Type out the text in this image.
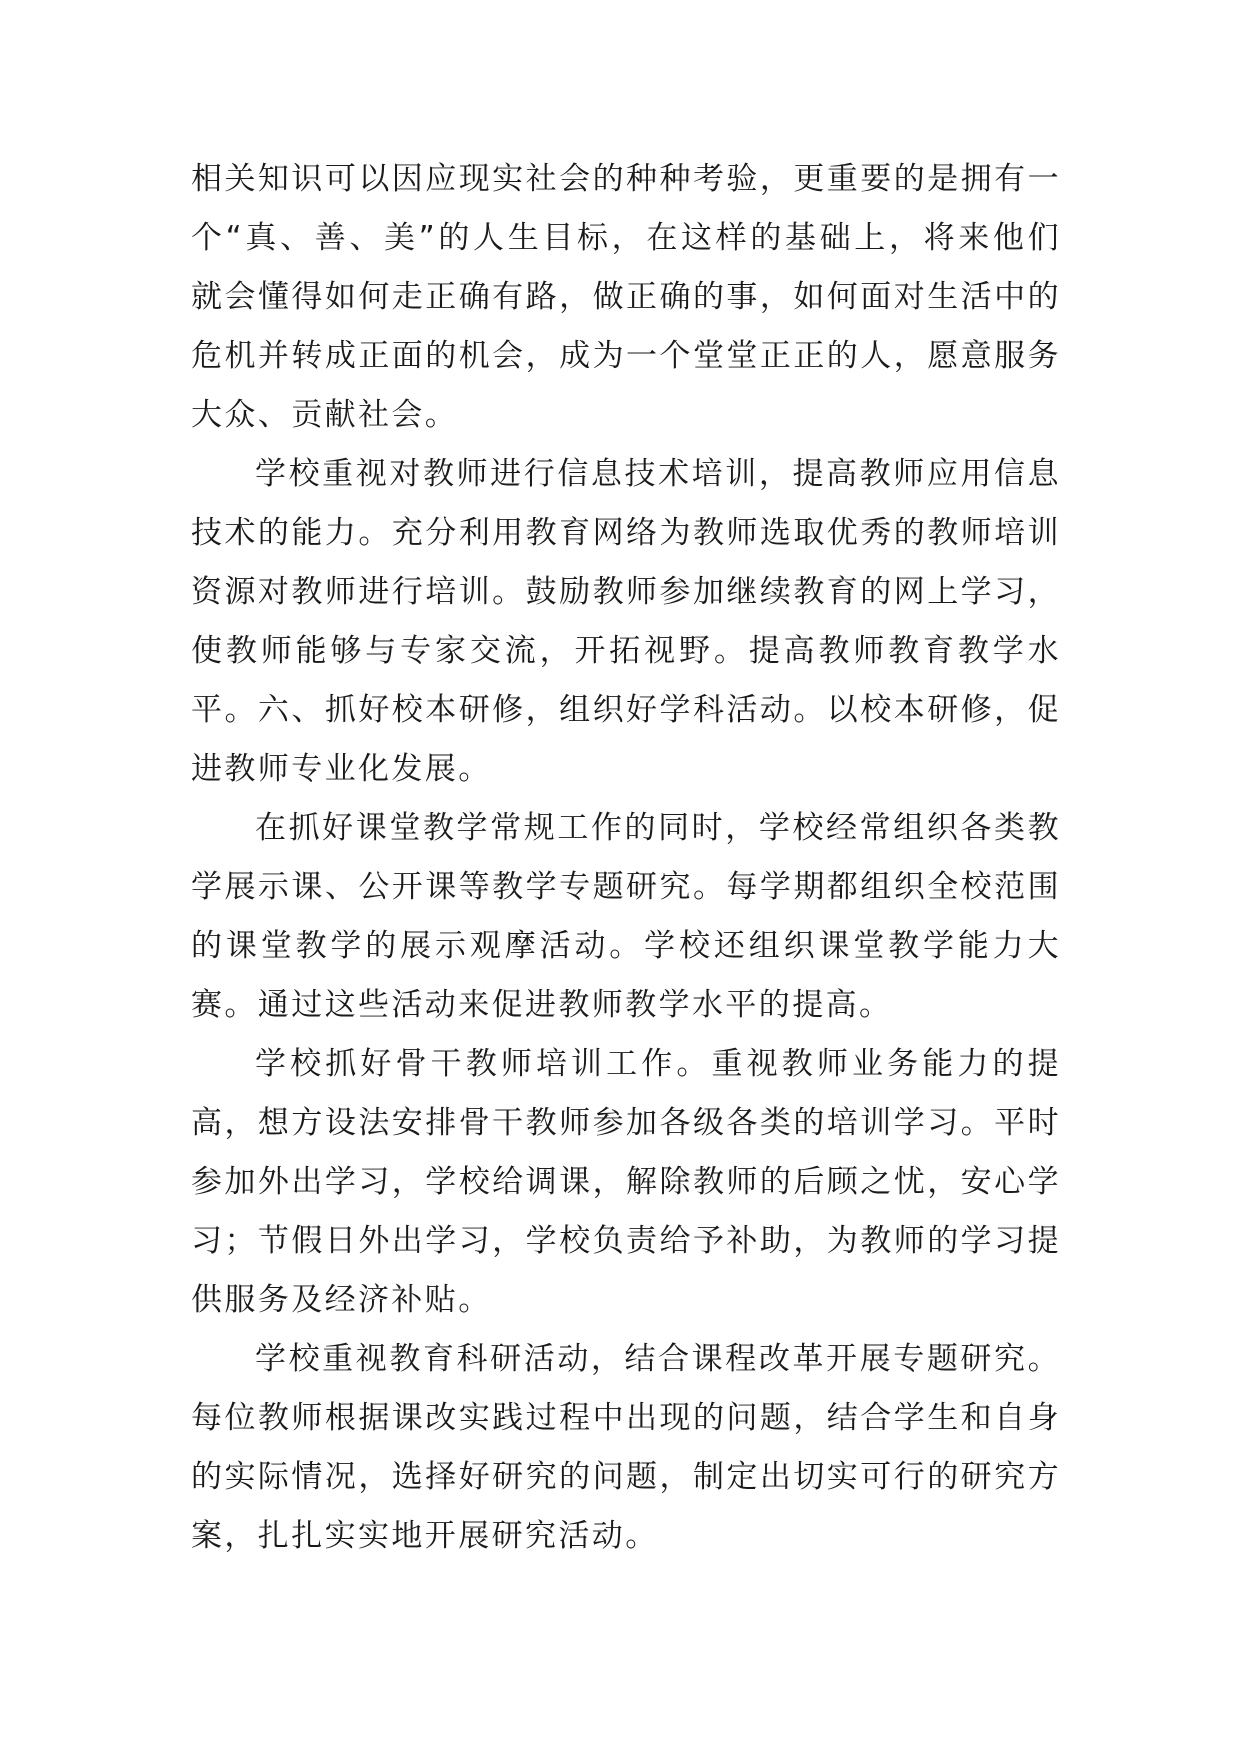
相关知识可以因应现实社会的种种考验，更重要的是拥有一个“真、善、美”的人生目标，在这样的基础上，将来他们就会懂得如何走正确有路，做正确的事，如何面对生活中的危机并转成正面的机会，成为一个堂堂正正的人，愿意服务大众、贡献社会。

学校重视对教师进行信息技术培训，提高教师应用信息技术的能力。充分利用教育网络为教师选取优秀的教师培训资源对教师进行培训。鼓励教师参加继续教育的网上学习，使教师能够与专家交流，开拓视野。提高教师教育教学水平。六、抓好校本研修，组织好学科活动。以校本研修，促进教师专业化发展。

在抓好课堂教学常规工作的同时，学校经常组织各类教学展示课、公开课等教学专题研究。每学期都组织全校范围的课堂教学的展示观摩活动。学校还组织课堂教学能力大赛。通过这些活动来促进教师教学水平的提高。

学校抓好骨干教师培训工作。重视教师业务能力的提高，想方设法安排骨干教师参加各级各类的培训学习。平时参加外出学习，学校给调课，解除教师的后顾之忧，安心学习；节假日外出学习，学校负责给予补助，为教师的学习提供服务及经济补贴。

学校重视教育科研活动，结合课程改革开展专题研究。每位教师根据课改实践过程中出现的问题，结合学生和自身的实际情况，选择好研究的问题，制定出切实可行的研究方案，扎扎实实地开展研究活动。
